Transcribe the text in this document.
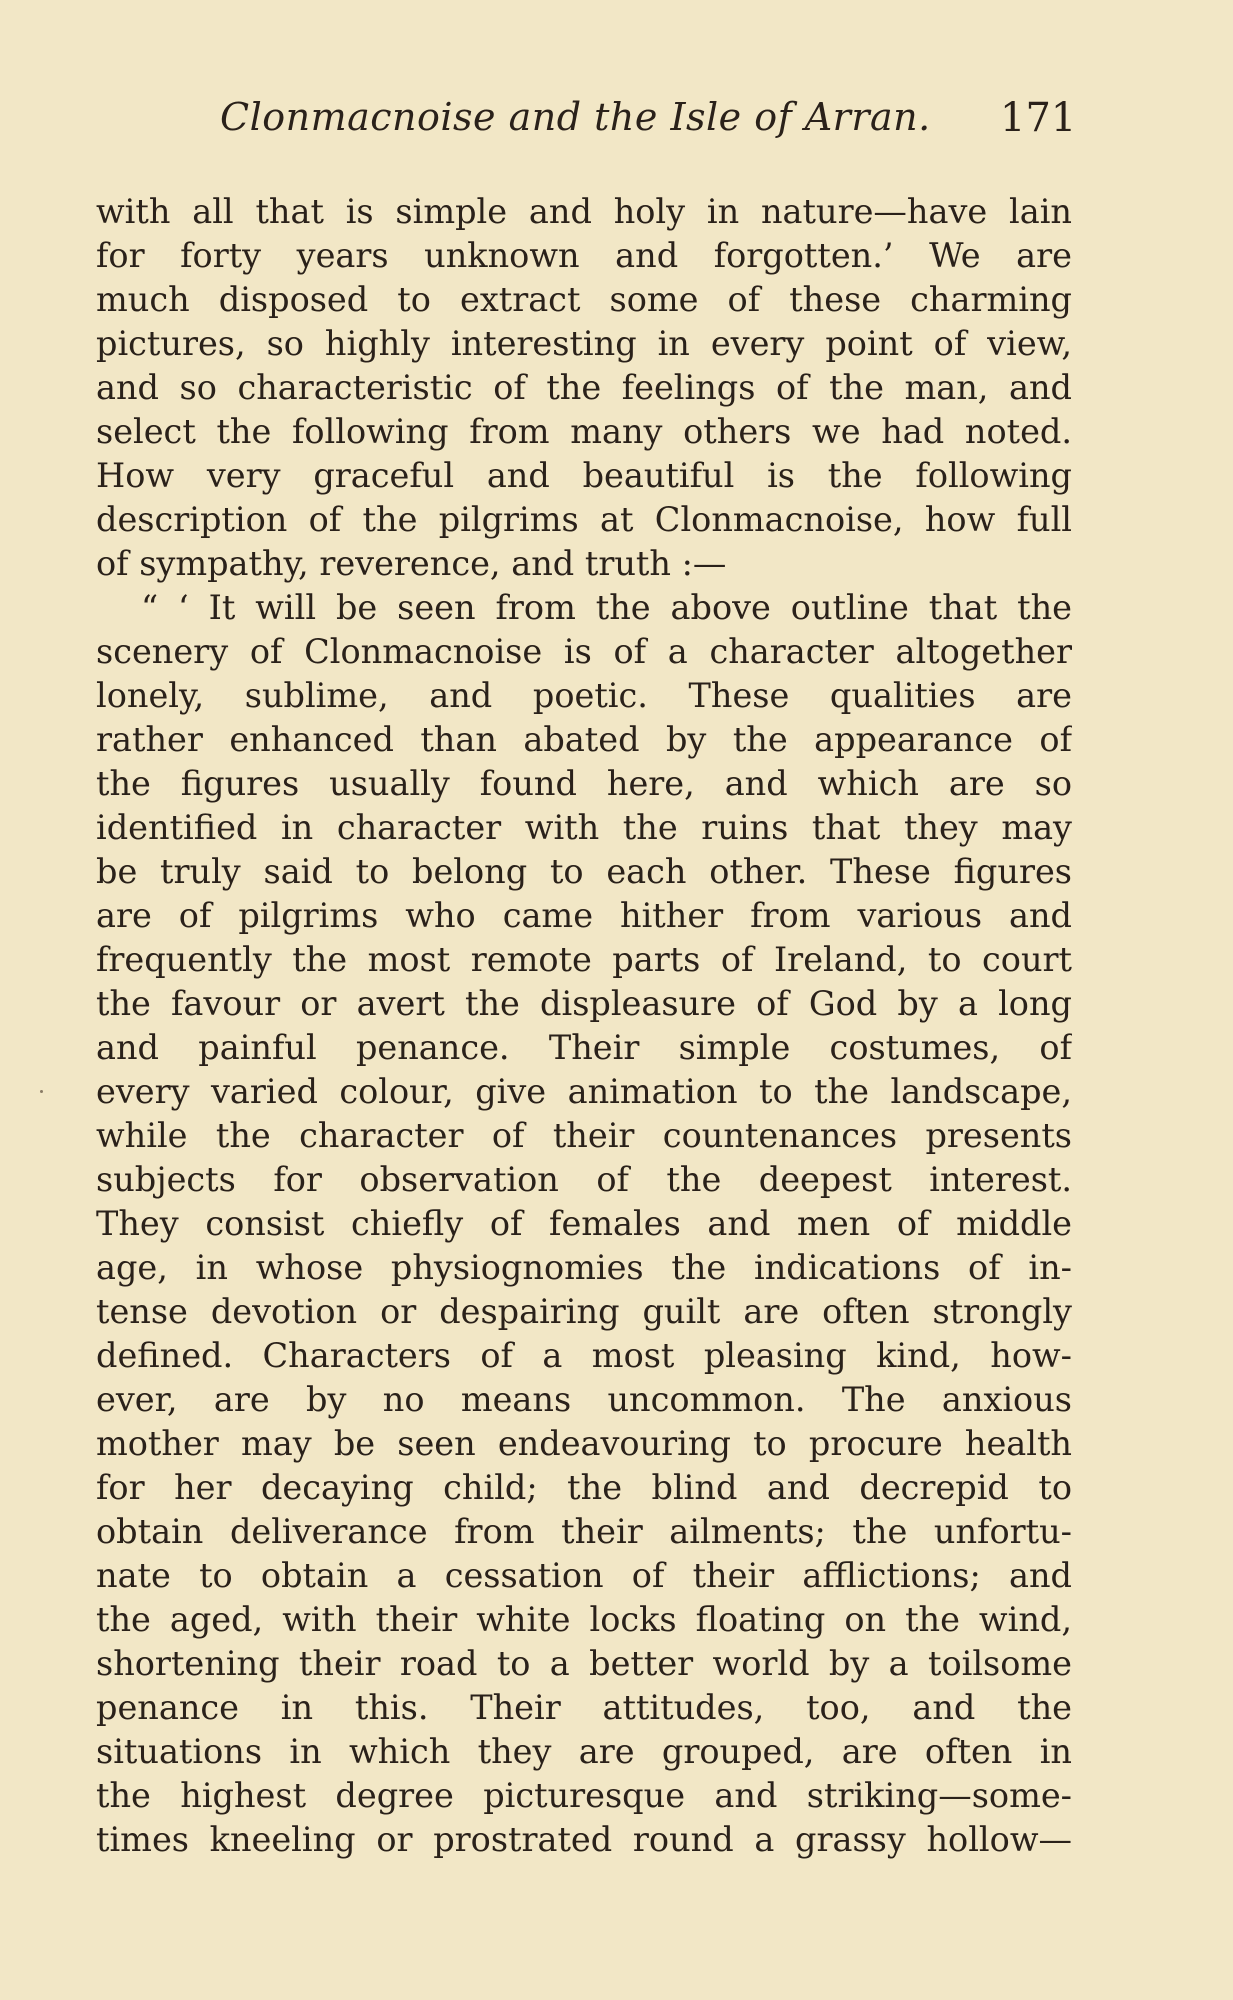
Clonmacnoise and the Isle of Arran. 171
with all that is simple and holy in nature—have lain
for forty years unknown and forgotten.’ We are
much disposed to extract some of these charming
pictures, so highly interesting in every point of view,
and so characteristic of the feelings of the man, and
select the following from many others we had noted.
How very graceful and beautiful is the following
description of the pilgrims at Clonmacnoise, how full
of sympathy, reverence, and truth :—
“ ‘ It will be seen from the above outline that the
scenery of Clonmacnoise is of a character altogether
lonely, sublime, and poetic. These qualities are
rather enhanced than abated by the appearance of
the figures usually found here, and which are so
identified in character with the ruins that they may
be truly said to belong to each other. These figures
are of pilgrims who came hither from various and
frequently the most remote parts of Ireland, to court
the favour or avert the displeasure of God by a long
and painful penance. Their simple costumes, of
every varied colour, give animation to the landscape,
while the character of their countenances presents
subjects for observation of the deepest interest.
They consist chiefly of females and men of middle
age, in whose physiognomies the indications of in-
tense devotion or despairing guilt are often strongly
defined. Characters of a most pleasing kind, how-
ever, are by no means uncommon. The anxious
mother may be seen endeavouring to procure health
for her decaying child; the blind and decrepid to
obtain deliverance from their ailments; the unfortu-
nate to obtain a cessation of their afflictions; and
the aged, with their white locks floating on the wind,
shortening their road to a better world by a toilsome
penance in this. Their attitudes, too, and the
situations in which they are grouped, are often in
the highest degree picturesque and striking—some-
times kneeling or prostrated round a grassy hollow—
